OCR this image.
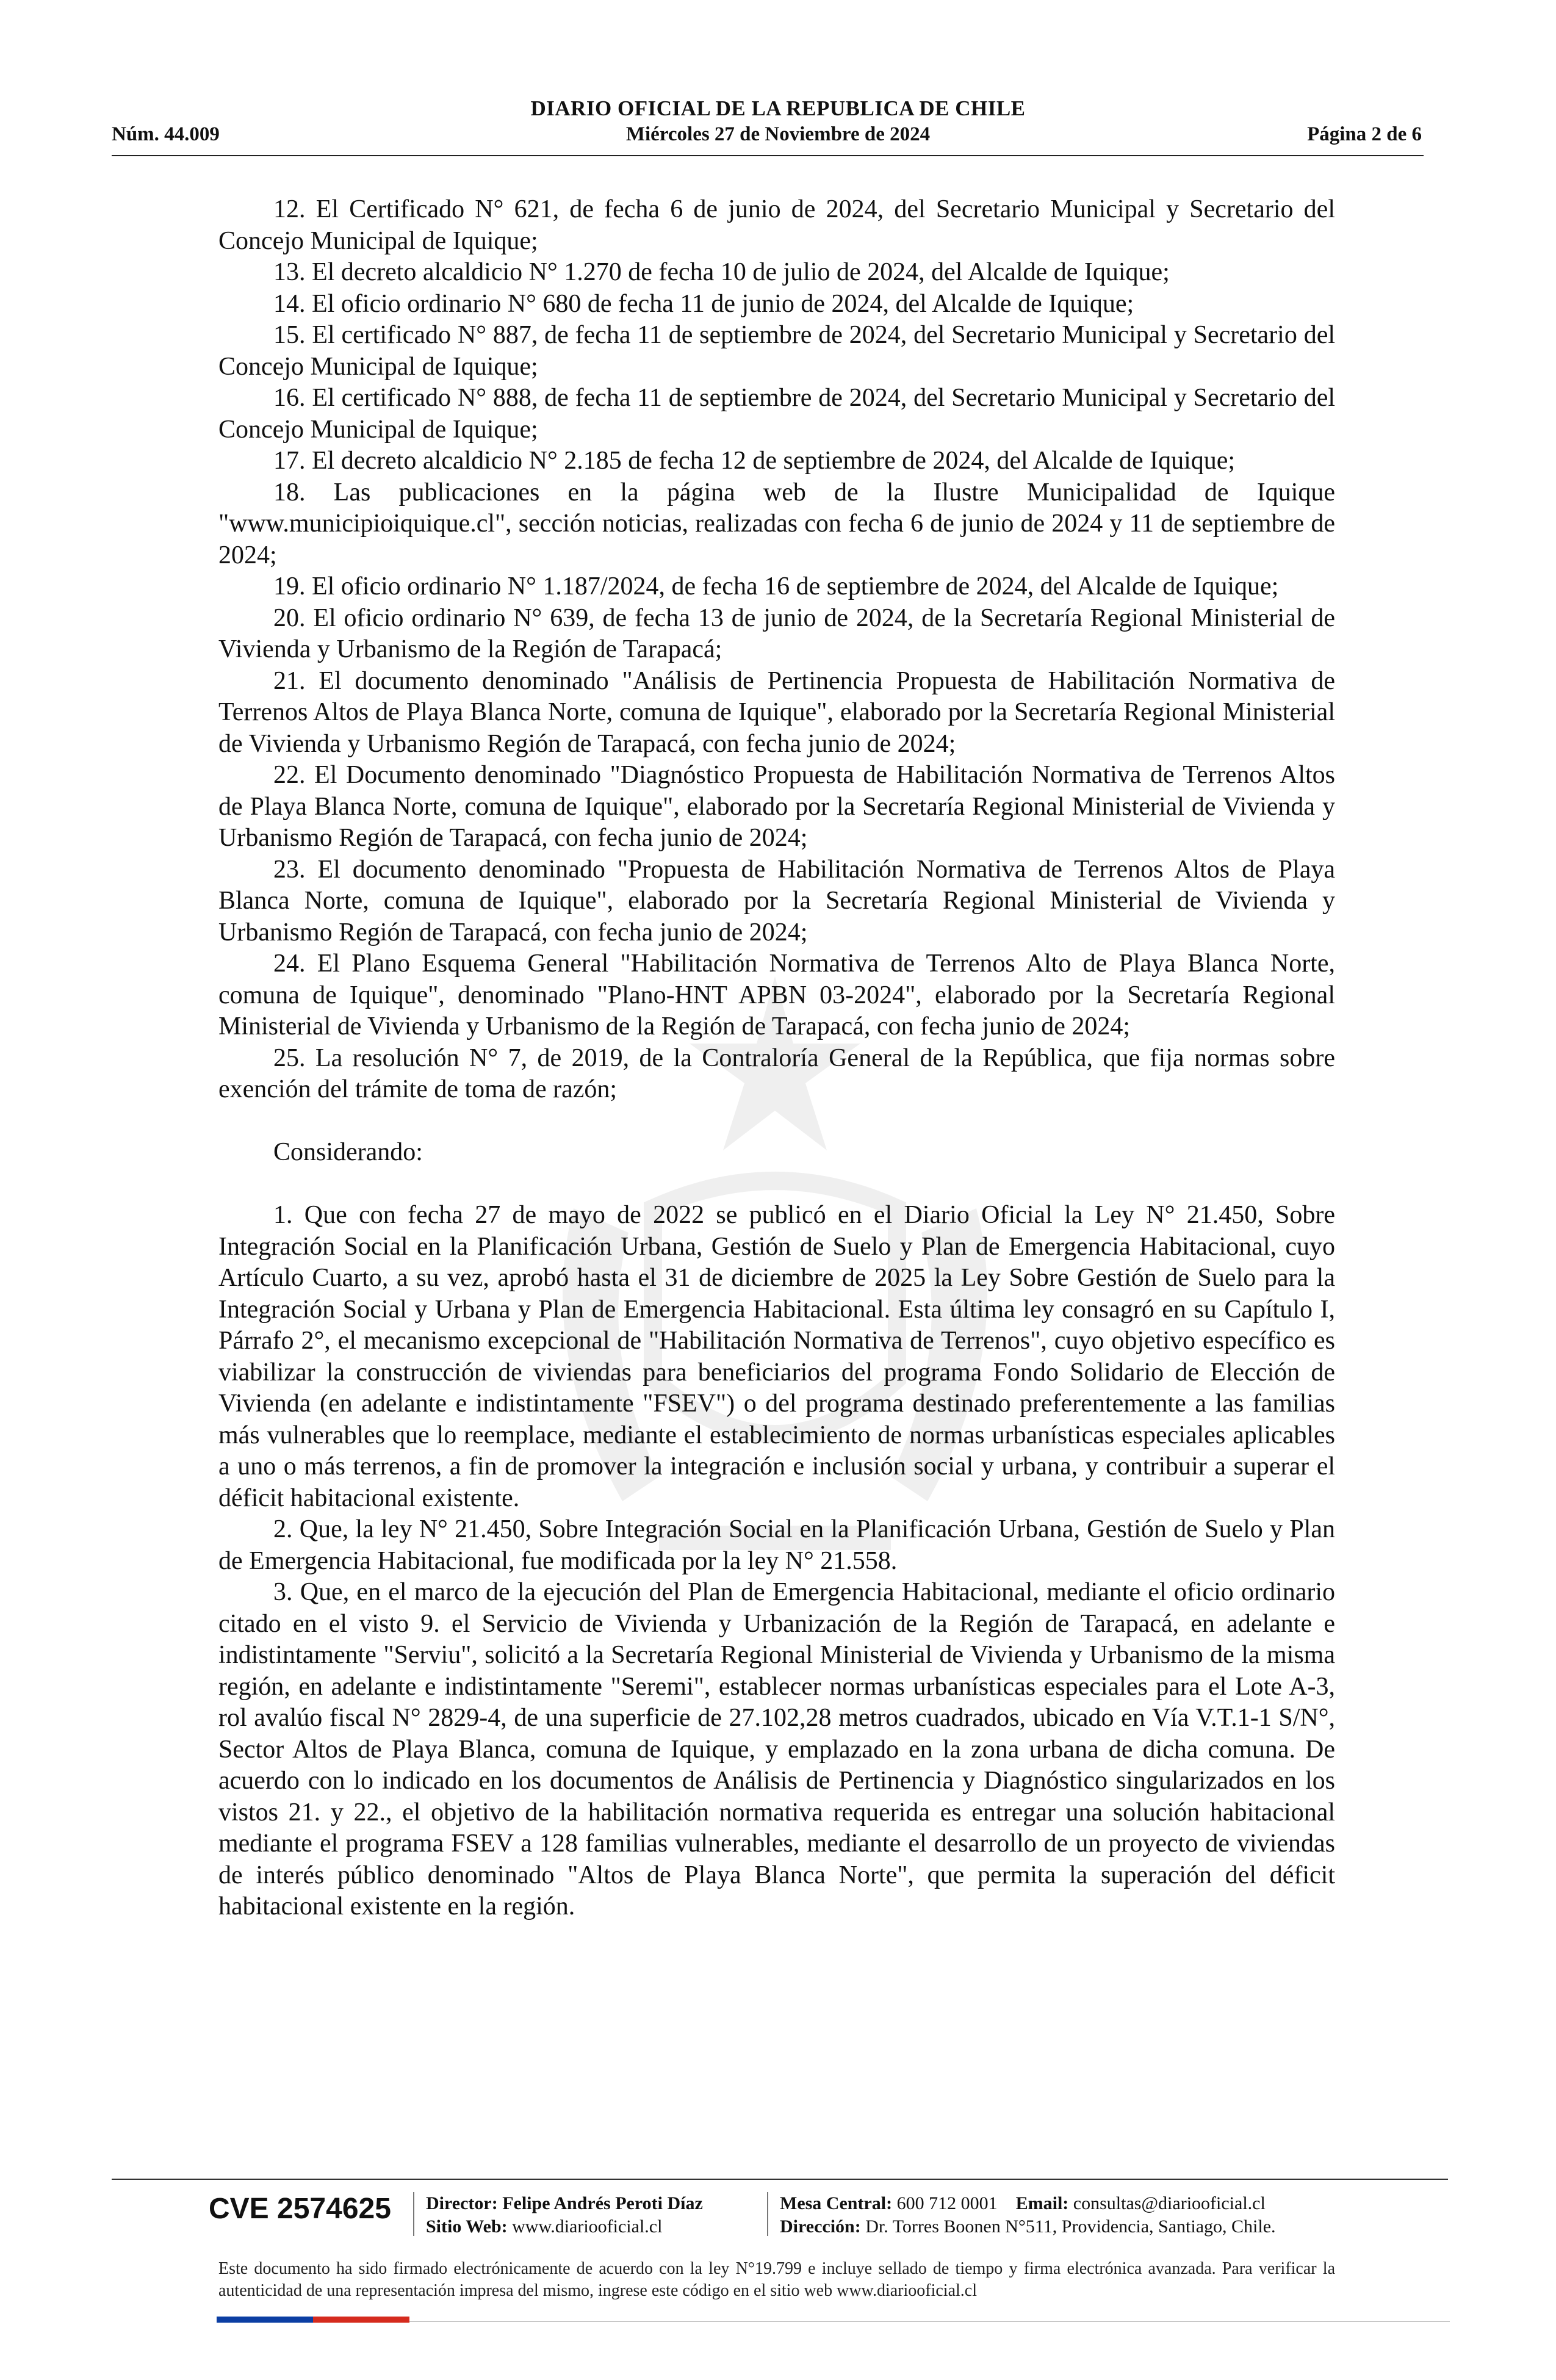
DIARIO OFICIAL DE LA REPUBLICA DE CHILE
Miércoles 27 de Noviembre de 2024
Núm. 44.009	Página 2 de 6

12. El Certificado N° 621, de fecha 6 de junio de 2024, del Secretario Municipal y Secretario del Concejo Municipal de Iquique;

13. El decreto alcaldicio N° 1.270 de fecha 10 de julio de 2024, del Alcalde de Iquique;

14. El oficio ordinario N° 680 de fecha 11 de junio de 2024, del Alcalde de Iquique;

15. El certificado N° 887, de fecha 11 de septiembre de 2024, del Secretario Municipal y Secretario del Concejo Municipal de Iquique;

16. El certificado N° 888, de fecha 11 de septiembre de 2024, del Secretario Municipal y Secretario del Concejo Municipal de Iquique;

17. El decreto alcaldicio N° 2.185 de fecha 12 de septiembre de 2024, del Alcalde de Iquique;

18. Las publicaciones en la página web de la Ilustre Municipalidad de Iquique "www.municipioiquique.cl", sección noticias, realizadas con fecha 6 de junio de 2024 y 11 de septiembre de 2024;

19. El oficio ordinario N° 1.187/2024, de fecha 16 de septiembre de 2024, del Alcalde de Iquique;

20. El oficio ordinario N° 639, de fecha 13 de junio de 2024, de la Secretaría Regional Ministerial de Vivienda y Urbanismo de la Región de Tarapacá;

21. El documento denominado "Análisis de Pertinencia Propuesta de Habilitación Normativa de Terrenos Altos de Playa Blanca Norte, comuna de Iquique", elaborado por la Secretaría Regional Ministerial de Vivienda y Urbanismo Región de Tarapacá, con fecha junio de 2024;

22. El Documento denominado "Diagnóstico Propuesta de Habilitación Normativa de Terrenos Altos de Playa Blanca Norte, comuna de Iquique", elaborado por la Secretaría Regional Ministerial de Vivienda y Urbanismo Región de Tarapacá, con fecha junio de 2024;

23. El documento denominado "Propuesta de Habilitación Normativa de Terrenos Altos de Playa Blanca Norte, comuna de Iquique", elaborado por la Secretaría Regional Ministerial de Vivienda y Urbanismo Región de Tarapacá, con fecha junio de 2024;

24. El Plano Esquema General "Habilitación Normativa de Terrenos Alto de Playa Blanca Norte, comuna de Iquique", denominado "Plano-HNT APBN 03-2024", elaborado por la Secretaría Regional Ministerial de Vivienda y Urbanismo de la Región de Tarapacá, con fecha junio de 2024;

25. La resolución N° 7, de 2019, de la Contraloría General de la República, que fija normas sobre exención del trámite de toma de razón;

Considerando:

1. Que con fecha 27 de mayo de 2022 se publicó en el Diario Oficial la Ley N° 21.450, Sobre Integración Social en la Planificación Urbana, Gestión de Suelo y Plan de Emergencia Habitacional, cuyo Artículo Cuarto, a su vez, aprobó hasta el 31 de diciembre de 2025 la Ley Sobre Gestión de Suelo para la Integración Social y Urbana y Plan de Emergencia Habitacional. Esta última ley consagró en su Capítulo I, Párrafo 2°, el mecanismo excepcional de "Habilitación Normativa de Terrenos", cuyo objetivo específico es viabilizar la construcción de viviendas para beneficiarios del programa Fondo Solidario de Elección de Vivienda (en adelante e indistintamente "FSEV") o del programa destinado preferentemente a las familias más vulnerables que lo reemplace, mediante el establecimiento de normas urbanísticas especiales aplicables a uno o más terrenos, a fin de promover la integración e inclusión social y urbana, y contribuir a superar el déficit habitacional existente.

2. Que, la ley N° 21.450, Sobre Integración Social en la Planificación Urbana, Gestión de Suelo y Plan de Emergencia Habitacional, fue modificada por la ley N° 21.558.

3. Que, en el marco de la ejecución del Plan de Emergencia Habitacional, mediante el oficio ordinario citado en el visto 9. el Servicio de Vivienda y Urbanización de la Región de Tarapacá, en adelante e indistintamente "Serviu", solicitó a la Secretaría Regional Ministerial de Vivienda y Urbanismo de la misma región, en adelante e indistintamente "Seremi", establecer normas urbanísticas especiales para el Lote A-3, rol avalúo fiscal N° 2829-4, de una superficie de 27.102,28 metros cuadrados, ubicado en Vía V.T.1-1 S/N°, Sector Altos de Playa Blanca, comuna de Iquique, y emplazado en la zona urbana de dicha comuna. De acuerdo con lo indicado en los documentos de Análisis de Pertinencia y Diagnóstico singularizados en los vistos 21. y 22., el objetivo de la habilitación normativa requerida es entregar una solución habitacional mediante el programa FSEV a 128 familias vulnerables, mediante el desarrollo de un proyecto de viviendas de interés público denominado "Altos de Playa Blanca Norte", que permita la superación del déficit habitacional existente en la región.

CVE 2574625 Director: Felipe Andrés Peroti Díaz
Sitio Web: www.diariooficial.cl
Mesa Central: 600 712 0001 Email: consultas@diariooficial.cl
Dirección: Dr. Torres Boonen N°511, Providencia, Santiago, Chile.
Este documento ha sido firmado electrónicamente de acuerdo con la ley N°19.799 e incluye sellado de tiempo y firma electrónica avanzada. Para verificar la autenticidad de una representación impresa del mismo, ingrese este código en el sitio web www.diariooficial.cl
